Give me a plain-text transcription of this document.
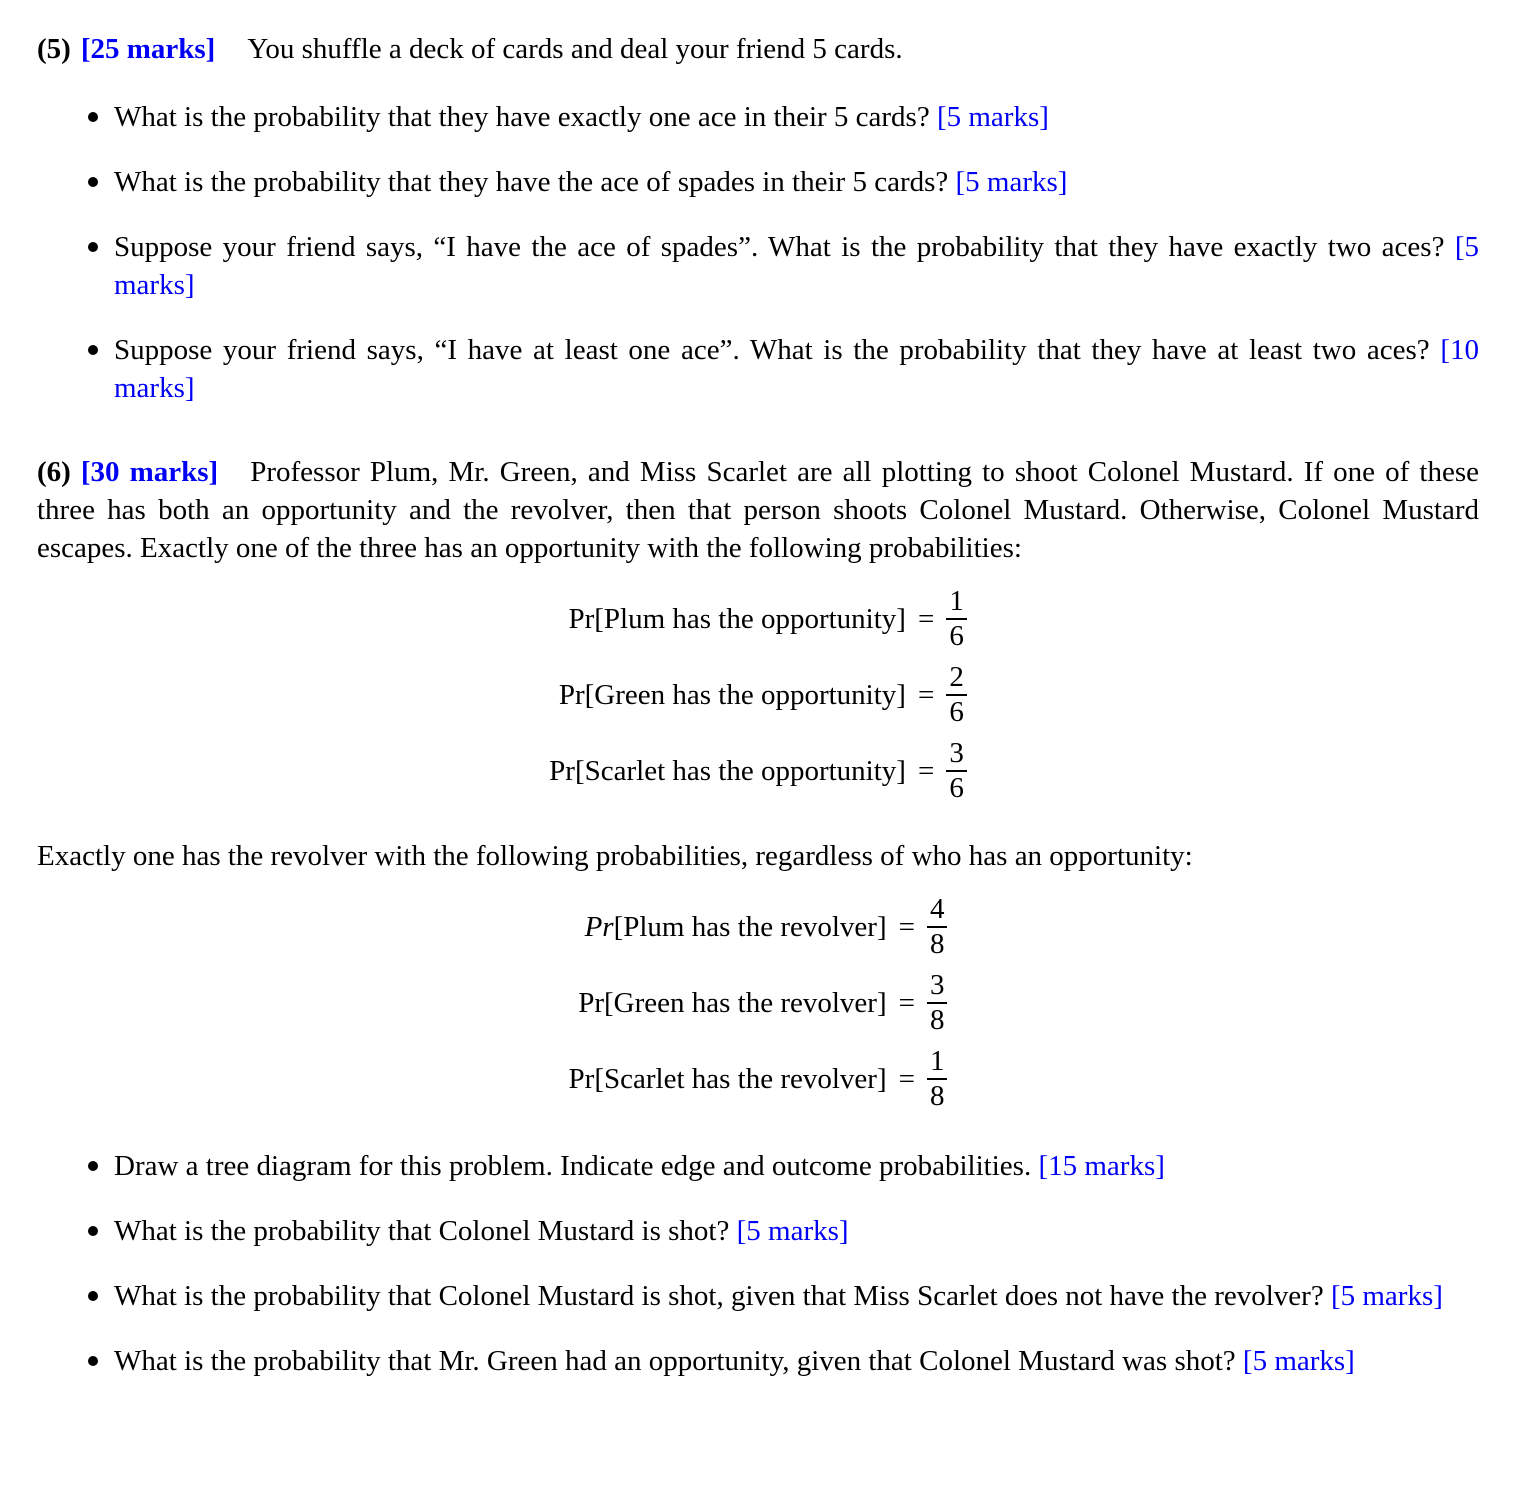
(5) [25 marks] You shuffle a deck of cards and deal your friend 5 cards.

What is the probability that they have exactly one ace in their 5 cards? [5 marks]
What is the probability that they have the ace of spades in their 5 cards? [5 marks]
Suppose your friend says, “I have the ace of spades”. What is the probability that they have exactly two aces? [5 marks]
Suppose your friend says, “I have at least one ace”. What is the probability that they have at least two aces? [10 marks]

(6) [30 marks] Professor Plum, Mr. Green, and Miss Scarlet are all plotting to shoot Colonel Mustard. If one of these three has both an opportunity and the revolver, then that person shoots Colonel Mustard. Otherwise, Colonel Mustard escapes. Exactly one of the three has an opportunity with the following probabilities:

Pr[Plum has the opportunity]	=	$\frac{1}{6}$

Pr[Green has the opportunity]	=	$\frac{2}{6}$

Pr[Scarlet has the opportunity]	=	$\frac{3}{6}$

Exactly one has the revolver with the following probabilities, regardless of who has an opportunity:

Pr[Plum has the revolver]	=	$\frac{4}{8}$

Pr[Green has the revolver]	=	$\frac{3}{8}$

Pr[Scarlet has the revolver]	=	$\frac{1}{8}$
Draw a tree diagram for this problem. Indicate edge and outcome probabilities. [15 marks]
What is the probability that Colonel Mustard is shot? [5 marks]
What is the probability that Colonel Mustard is shot, given that Miss Scarlet does not have the revolver? [5 marks]
What is the probability that Mr. Green had an opportunity, given that Colonel Mustard was shot? [5 marks]
